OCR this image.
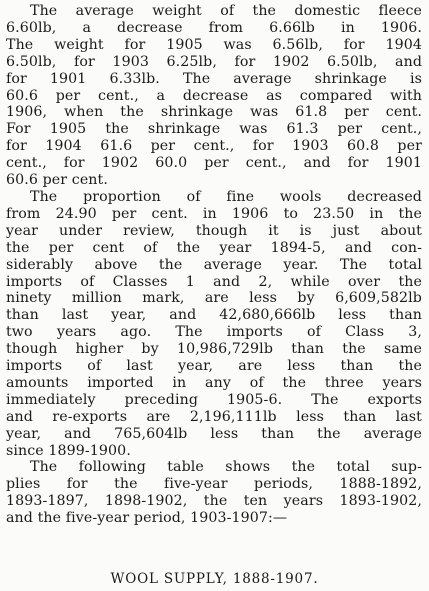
The average weight of the domestic fleece

6.60lb, a decrease from 6.66lb in 1906.

The weight for 1905 was 6.56lb, for 1904

6.50lb, for 1903 6.25lb, for 1902 6.50lb, and

for 1901 6.33lb. The average shrinkage is

60.6 per cent., a decrease as compared with

1906, when the shrinkage was 61.8 per cent.

For 1905 the shrinkage was 61.3 per cent.,

for 1904 61.6 per cent., for 1903 60.8 per

cent., for 1902 60.0 per cent., and for 1901

60.6 per cent.

The proportion of fine wools decreased

from 24.90 per cent. in 1906 to 23.50 in the

year under review, though it is just about

the per cent of the year 1894-5, and con-

siderably above the average year. The total

imports of Classes 1 and 2, while over the

ninety million mark, are less by 6,609,582lb

than last year, and 42,680,666lb less than

two years ago. The imports of Class 3,

though higher by 10,986,729lb than the same

imports of last year, are less than the

amounts imported in any of the three years

immediately preceding 1905-6. The exports

and re-exports are 2,196,111lb less than last

year, and 765,604lb less than the average

since 1899-1900.

The following table shows the total sup-

plies for the five-year periods, 1888-1892,

1893-1897, 1898-1902, the ten years 1893-1902,

and the five-year period, 1903-1907:—

WOOL SUPPLY, 1888-1907.
